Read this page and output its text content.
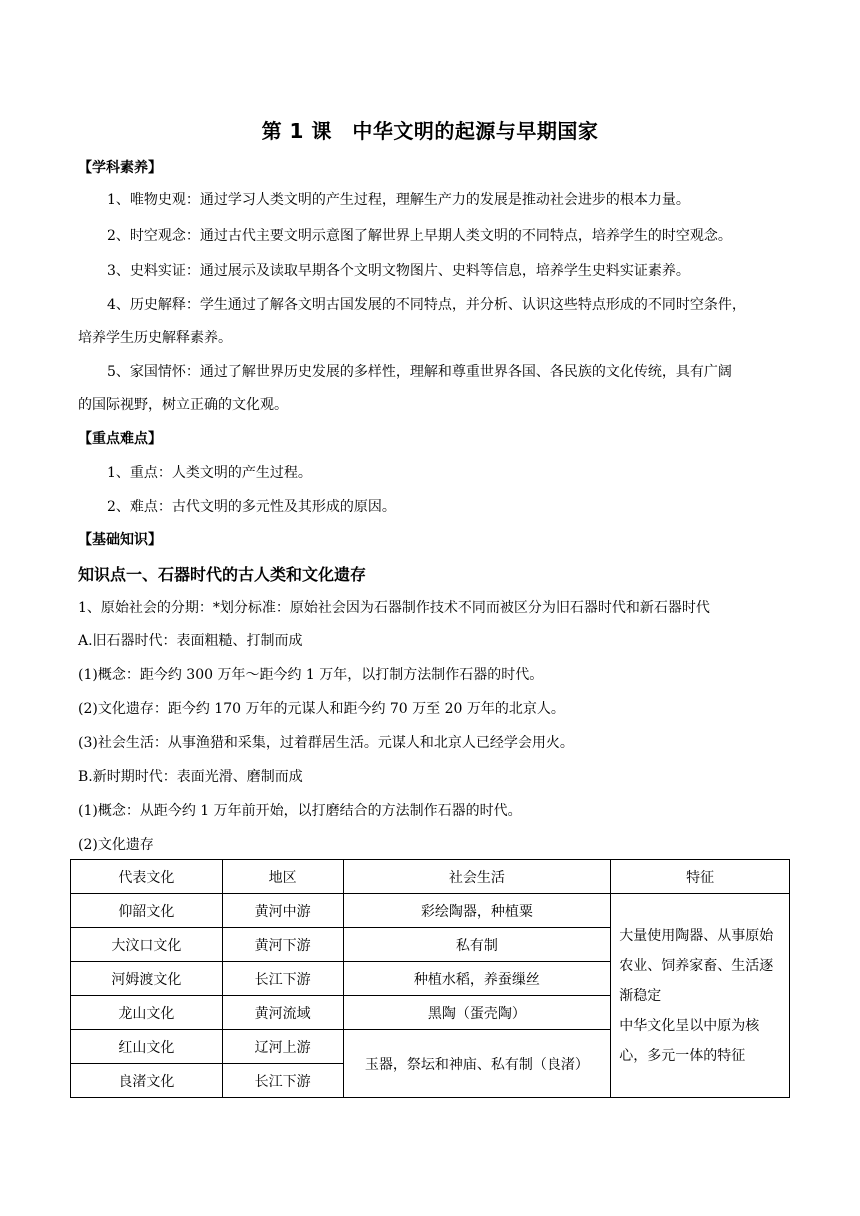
第 1 课　中华文明的起源与早期国家
【学科素养】
1、唯物史观：通过学习人类文明的产生过程，理解生产力的发展是推动社会进步的根本力量。
2、时空观念：通过古代主要文明示意图了解世界上早期人类文明的不同特点，培养学生的时空观念。
3、史料实证：通过展示及读取早期各个文明文物图片、史料等信息，培养学生史料实证素养。
4、历史解释：学生通过了解各文明古国发展的不同特点，并分析、认识这些特点形成的不同时空条件，
培养学生历史解释素养。
5、家国情怀：通过了解世界历史发展的多样性，理解和尊重世界各国、各民族的文化传统，具有广阔
的国际视野，树立正确的文化观。
【重点难点】
1、重点：人类文明的产生过程。
2、难点：古代文明的多元性及其形成的原因。
【基础知识】
知识点一、石器时代的古人类和文化遗存
1、原始社会的分期：*划分标准：原始社会因为石器制作技术不同而被区分为旧石器时代和新石器时代
A.旧石器时代：表面粗糙、打制而成
(1)概念：距今约 300 万年～距今约 1 万年，以打制方法制作石器的时代。
(2)文化遗存：距今约 170 万年的元谋人和距今约 70 万至 20 万年的北京人。
(3)社会生活：从事渔猎和采集，过着群居生活。元谋人和北京人已经学会用火。
B.新时期时代：表面光滑、磨制而成
(1)概念：从距今约 1 万年前开始，以打磨结合的方法制作石器的时代。
(2)文化遗存
代表文化	地区	社会生活	特征
仰韶文化	黄河中游	彩绘陶器，种植粟	大量使用陶器、从事原始农业、饲养家畜、生活逐渐稳定
中华文化呈以中原为核心，多元一体的特征

大汶口文化	黄河下游	私有制	
河姆渡文化	长江下游	种植水稻，养蚕缫丝	
龙山文化	黄河流域	黑陶（蛋壳陶）	
红山文化	辽河上游	玉器，祭坛和神庙、私有制（良渚）	
良渚文化	长江下游		
